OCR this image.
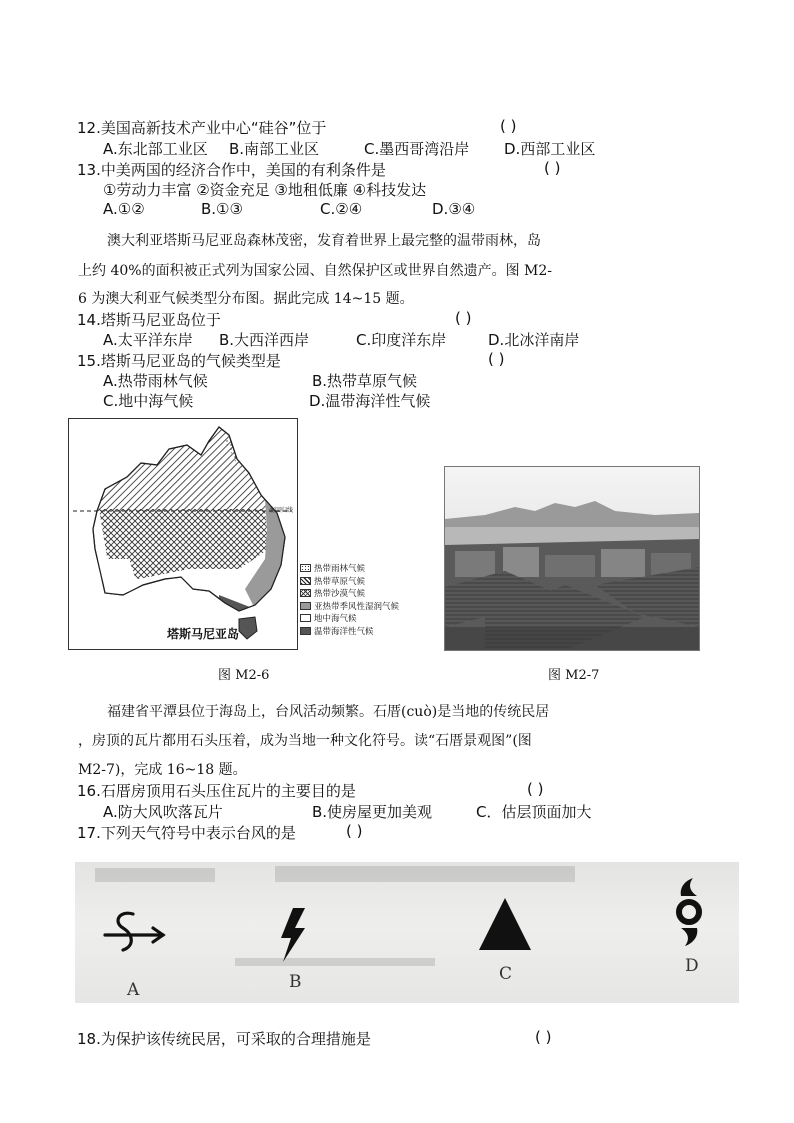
12.美国高新技术产业中心“硅谷”位于	( )
A.东北部工业区 B.南部工业区	C.墨西哥湾沿岸 D.西部工业区
13.中美两国的经济合作中，美国的有利条件是	( )
①劳动力丰富 ②资金充足 ③地租低廉 ④科技发达
A.①②	B.①③	C.②④	D.③④
澳大利亚塔斯马尼亚岛森林茂密，发育着世界上最完整的温带雨林，岛
上约 40%的面积被正式列为国家公园、自然保护区或世界自然遗产。图 M2-
6 为澳大利亚气候类型分布图。据此完成 14~15 题。
14.塔斯马尼亚岛位于	( )
A.太平洋东岸 B.大西洋西岸	C.印度洋东岸	D.北冰洋南岸
15.塔斯马尼亚岛的气候类型是	( )
A.热带雨林气候	B.热带草原气候
C.地中海气候	D.温带海洋性气候
南回归线
塔斯马尼亚岛
热带雨林气候
热带草原气候
热带沙漠气候
亚热带季风性湿润气候
地中海气候
温带海洋性气候
图 M2-6	图 M2-7
福建省平潭县位于海岛上，台风活动频繁。石厝(cuò)是当地的传统民居
，房顶的瓦片都用石头压着，成为当地一种文化符号。读“石厝景观图”(图
M2-7)，完成 16~18 题。
16.石厝房顶用石头压住瓦片的主要目的是	( )
A.防大风吹落瓦片	B.使房屋更加美观	C．估层顶面加大
17.下列天气符号中表示台风的是	( )
A	B	C	D
18.为保护该传统民居，可采取的合理措施是	( )
